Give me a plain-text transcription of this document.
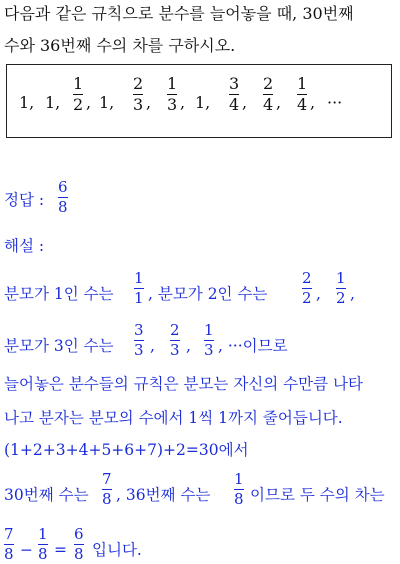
다음과 같은 규칙으로 분수를 늘어놓을 때, 30번째
수와 36번째 수의 차를 구하시오.
1, 1,
1
2 , 1,
2
3 ,
1
3 , 1,
3
4 ,
2
4 ,
1
4 , ···
정답 :
6
8
해설 :
분모가 1인 수는
1
1 , 분모가 2인 수는
2
2 ,
1
2 ,
분모가 3인 수는
3
3 ,
2
3 ,
1
3 , ···이므로
늘어놓은 분수들의 규칙은 분모는 자신의 수만큼 나타
나고 분자는 분모의 수에서 1씩 1까지 줄어듭니다.
(1+2+3+4+5+6+7)+2=30에서
30번째 수는
7
8 , 36번째 수는
1
8 이므로 두 수의 차는
7
8 −
1
8 =
6
8 입니다.
